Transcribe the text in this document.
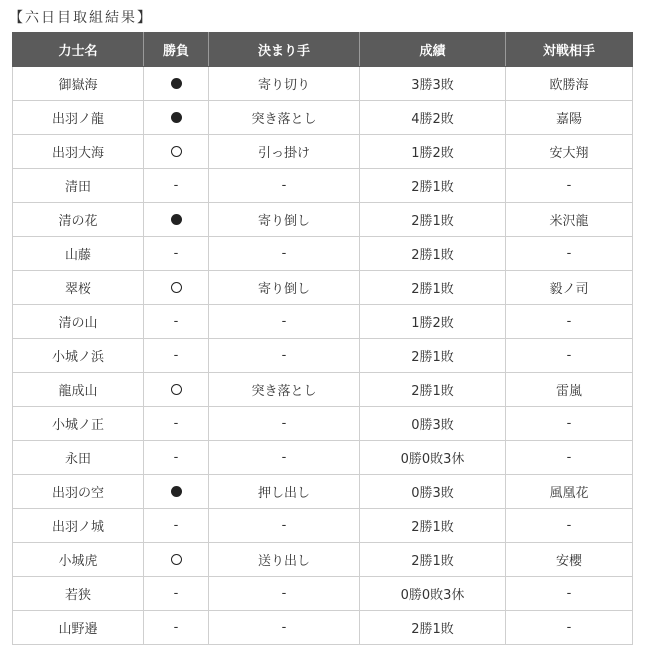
【六日目取組結果】
力士名	勝負	決まり手	成績	対戦相手
御嶽海		寄り切り	3勝3敗	欧勝海
出羽ノ龍		突き落とし	4勝2敗	嘉陽
出羽大海		引っ掛け	1勝2敗	安大翔
清田	-	-	2勝1敗	-
清の花		寄り倒し	2勝1敗	米沢龍
山藤	-	-	2勝1敗	-
翠桜		寄り倒し	2勝1敗	毅ノ司
清の山	-	-	1勝2敗	-
小城ノ浜	-	-	2勝1敗	-
龍成山		突き落とし	2勝1敗	雷嵐
小城ノ正	-	-	0勝3敗	-
永田	-	-	0勝0敗3休	-
出羽の空		押し出し	0勝3敗	風凰花
出羽ノ城	-	-	2勝1敗	-
小城虎		送り出し	2勝1敗	安櫻
若狭	-	-	0勝0敗3休	-
山野邉	-	-	2勝1敗	-
